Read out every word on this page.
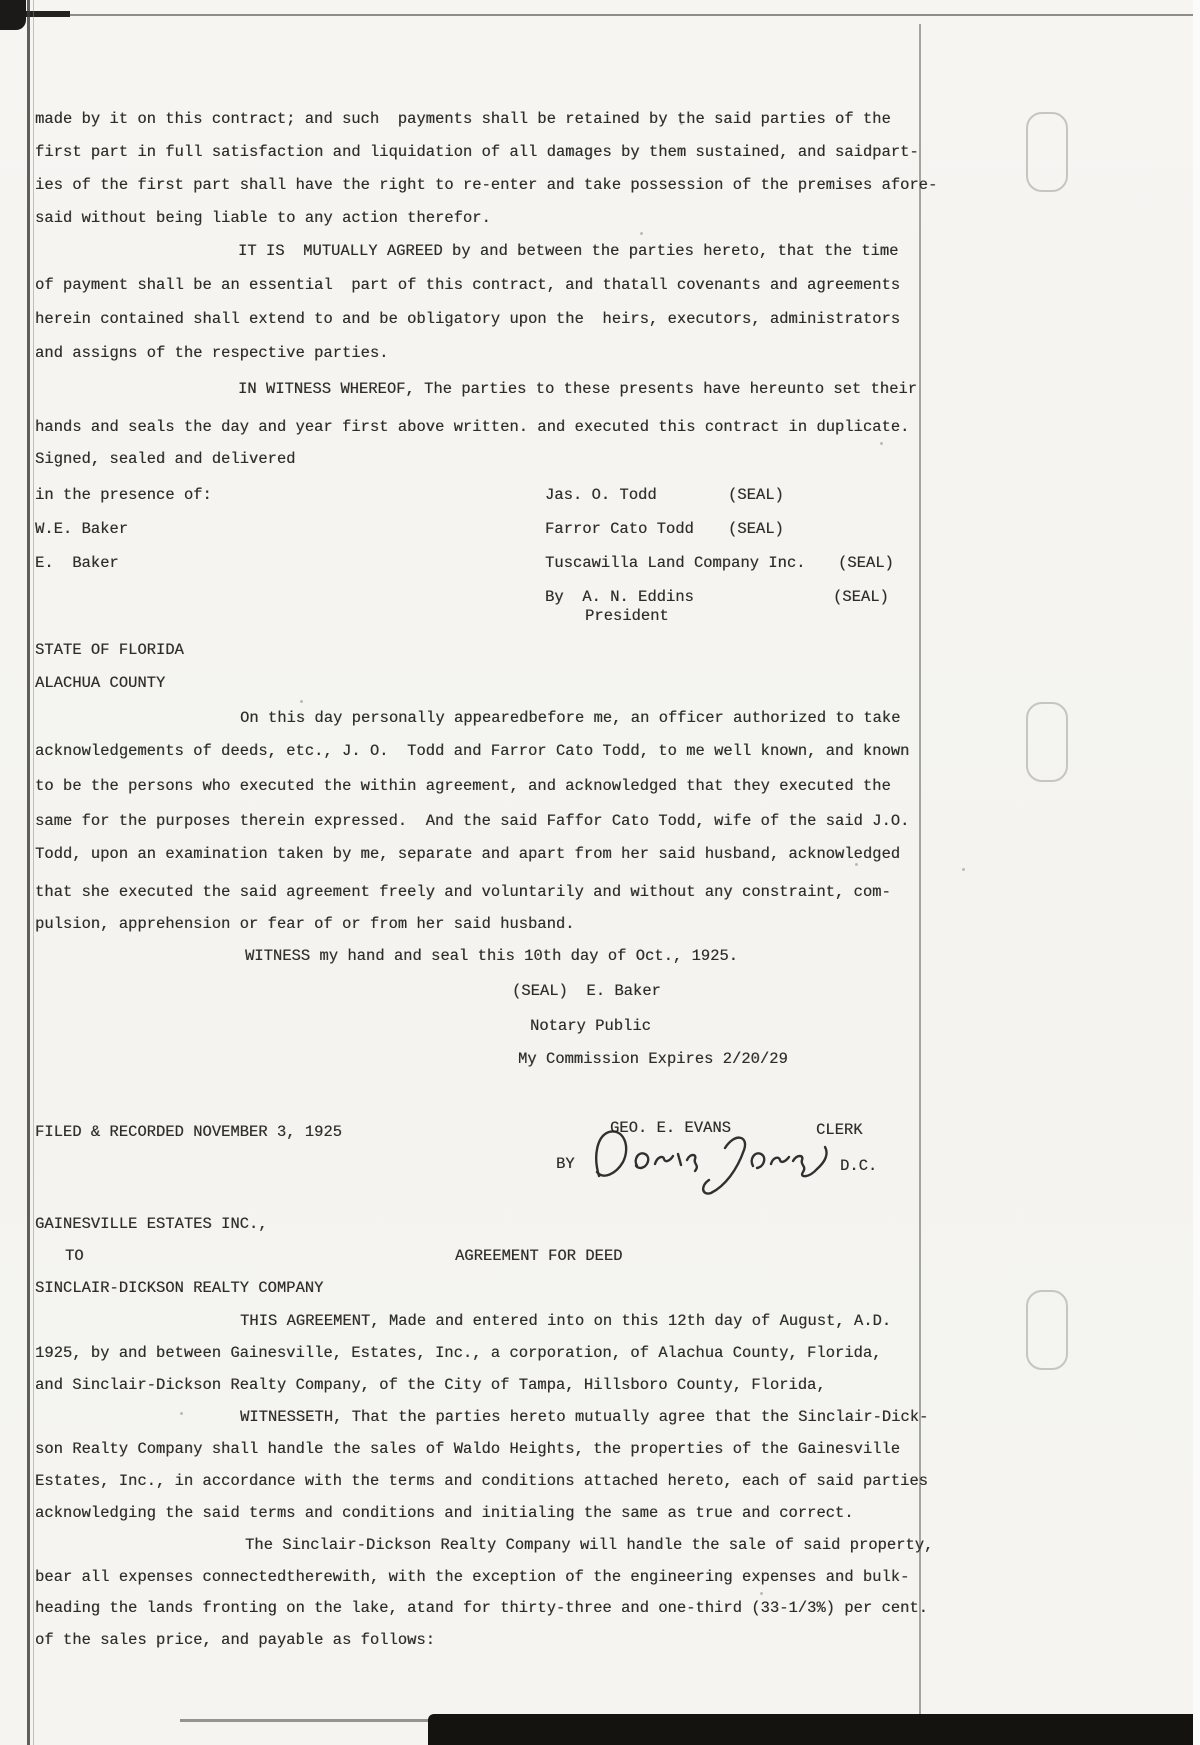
made by it on this contract; and such  payments shall be retained by the said parties of the
first part in full satisfaction and liquidation of all damages by them sustained, and saidpart-
ies of the first part shall have the right to re-enter and take possession of the premises afore-
said without being liable to any action therefor.
IT IS  MUTUALLY AGREED by and between the parties hereto, that the time
of payment shall be an essential  part of this contract, and thatall covenants and agreements
herein contained shall extend to and be obligatory upon the  heirs, executors, administrators
and assigns of the respective parties.
IN WITNESS WHEREOF, The parties to these presents have hereunto set their
hands and seals the day and year first above written. and executed this contract in duplicate.
Signed, sealed and delivered
in the presence of:	Jas. O. Todd	(SEAL)
W.E. Baker	Farror Cato Todd (SEAL)
E.  Baker	Tuscawilla Land Company Inc. (SEAL)
By  A. N. Eddins	(SEAL)
President
STATE OF FLORIDA
ALACHUA COUNTY
On this day personally appearedbefore me, an officer authorized to take
acknowledgements of deeds, etc., J. O.  Todd and Farror Cato Todd, to me well known, and known
to be the persons who executed the within agreement, and acknowledged that they executed the
same for the purposes therein expressed.  And the said Faffor Cato Todd, wife of the said J.O.
Todd, upon an examination taken by me, separate and apart from her said husband, acknowledged
that she executed the said agreement freely and voluntarily and without any constraint, com-
pulsion, apprehension or fear of or from her said husband.
WITNESS my hand and seal this 10th day of Oct., 1925.
(SEAL)  E. Baker
Notary Public
My Commission Expires 2/20/29
FILED & RECORDED NOVEMBER 3, 1925	GEO. E. EVANS	CLERK
BY	D.C.
GAINESVILLE ESTATES INC.,
TO	AGREEMENT FOR DEED
SINCLAIR-DICKSON REALTY COMPANY
THIS AGREEMENT, Made and entered into on this 12th day of August, A.D.
1925, by and between Gainesville, Estates, Inc., a corporation, of Alachua County, Florida,
and Sinclair-Dickson Realty Company, of the City of Tampa, Hillsboro County, Florida,
WITNESSETH, That the parties hereto mutually agree that the Sinclair-Dick-
son Realty Company shall handle the sales of Waldo Heights, the properties of the Gainesville
Estates, Inc., in accordance with the terms and conditions attached hereto, each of said parties
acknowledging the said terms and conditions and initialing the same as true and correct.
The Sinclair-Dickson Realty Company will handle the sale of said property,
bear all expenses connectedtherewith, with the exception of the engineering expenses and bulk-
heading the lands fronting on the lake, atand for thirty-three and one-third (33-1/3%) per cent.
of the sales price, and payable as follows:
